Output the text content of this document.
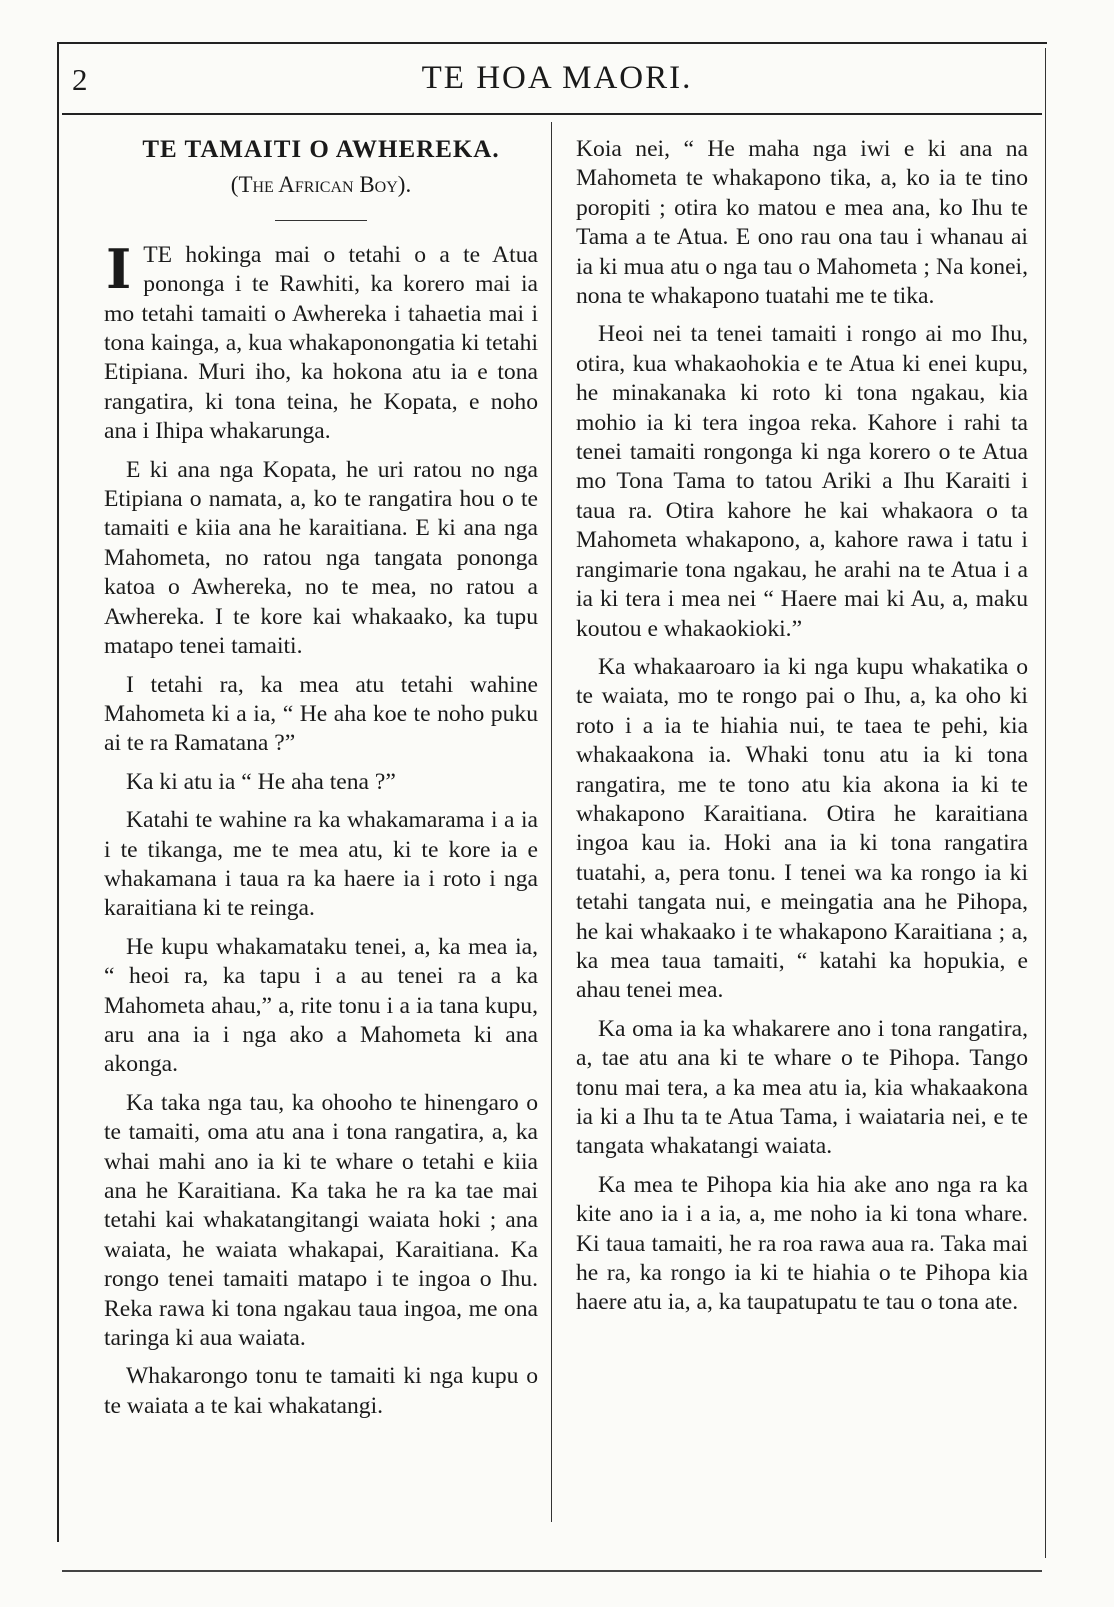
2	TE HOA MAORI.
TE TAMAITI O AWHEREKA.
(The African Boy).

ITE hokinga mai o tetahi o a te Atua ponongа i te Rawhiti, ka korero mai ia mo tetahi tamaiti o Awhereka i tahaetia mai i tona kainga, a, kua whakaponongatia ki tetahi Etipiana. Muri iho, ka hokona atu ia e tona rangatira, ki tona teina, he Kopata, e noho ana i Ihipa whakarunga.

E ki ana nga Kopata, he uri ratou no nga Etipiana o namata, a, ko te rangatira hou o te tamaiti e kiia ana he karaitiana. E ki ana nga Mahometa, no ratou nga tangata ponongа katoa o Awhereka, no te mea, no ratou a Awhereka. I te kore kai whakaako, ka tupu matapo tenei tamaiti.

I tetahi ra, ka mea atu tetahi wahine Mahometa ki a ia, “ He aha koe te noho puku ai te ra Ramatana ?”

Ka ki atu ia “ He aha tena ?”

Katahi te wahine ra ka whakamarama i a ia i te tikanga, me te mea atu, ki te kore ia e whakamana i taua ra ka haere ia i roto i nga karaitiana ki te reinga.

He kupu whakamataku tenei, a, ka mea ia, “ heoi ra, ka tapu i a au tenei ra a ka Mahometa ahau,” a, rite tonu i a ia tana kupu, aru ana ia i nga ako a Mahometa ki ana akonga.

Ka taka nga tau, ka ohooho te hinengaro o te tamaiti, oma atu ana i tona rangatira, a, ka whai mahi ano ia ki te whare o tetahi e kiia ana he Karaitiana. Ka taka he ra ka tae mai tetahi kai whakatangitangi waiata hoki ; ana waiata, he waiata whakapai, Karaitiana. Ka rongo tenei tamaiti matapo i te ingoa o Ihu. Reka rawa ki tona ngakau taua ingoa, me ona taringa ki aua waiata.

Whakarongo tonu te tamaiti ki nga kupu o te waiata a te kai whakatangi.

Koia nei, “ He maha nga iwi e ki ana na Mahometa te whakapono tika, a, ko ia te tino poropiti ; otira ko matou e mea ana, ko Ihu te Tama a te Atua. E ono rau ona tau i whanau ai ia ki mua atu o nga tau o Mahometa ; Na konei, nona te whakapono tuatahi me te tika.

Heoi nei ta tenei tamaiti i rongo ai mo Ihu, otira, kua whakaohokia e te Atua ki enei kupu, he minakanaka ki roto ki tona ngakau, kia mohio ia ki tera ingoa reka. Kahore i rahi ta tenei tamaiti rongonga ki nga korero o te Atua mo Tona Tama to tatou Ariki a Ihu Karaiti i taua ra. Otira kahore he kai whakaora o ta Mahometa whakapono, a, kahore rawa i tatu i rangimarie tona ngakau, he arahi na te Atua i a ia ki tera i mea nei “ Haere mai ki Au, a, maku koutou e whakaokioki.”

Ka whakaaroaro ia ki nga kupu whakatika o te waiata, mo te rongo pai o Ihu, a, ka oho ki roto i a ia te hiahia nui, te taea te pehi, kia whakaakona ia. Whaki tonu atu ia ki tona rangatira, me te tono atu kia akona ia ki te whakapono Karaitiana. Otira he karaitiana ingoa kau ia. Hoki ana ia ki tona rangatira tuatahi, a, pera tonu. I tenei wa ka rongo ia ki tetahi tangata nui, e meingatia ana he Pihopa, he kai whakaako i te whakapono Karaitiana ; a, ka mea taua tamaiti, “ katahi ka hopukia, e ahau tenei mea.

Ka oma ia ka whakarere ano i tona rangatira, a, tae atu ana ki te whare o te Pihopa. Tango tonu mai tera, a ka mea atu ia, kia whakaakona ia ki a Ihu ta te Atua Tama, i waiataria nei, e te tangata whakatangi waiata.

Ka mea te Pihopa kia hia ake ano nga ra ka kite ano ia i a ia, a, me noho ia ki tona whare. Ki taua tamaiti, he ra roa rawa aua ra. Taka mai he ra, ka rongo ia ki te hiahia o te Pihopa kia haere atu ia, a, ka taupatupatu te tau o tona ate.
